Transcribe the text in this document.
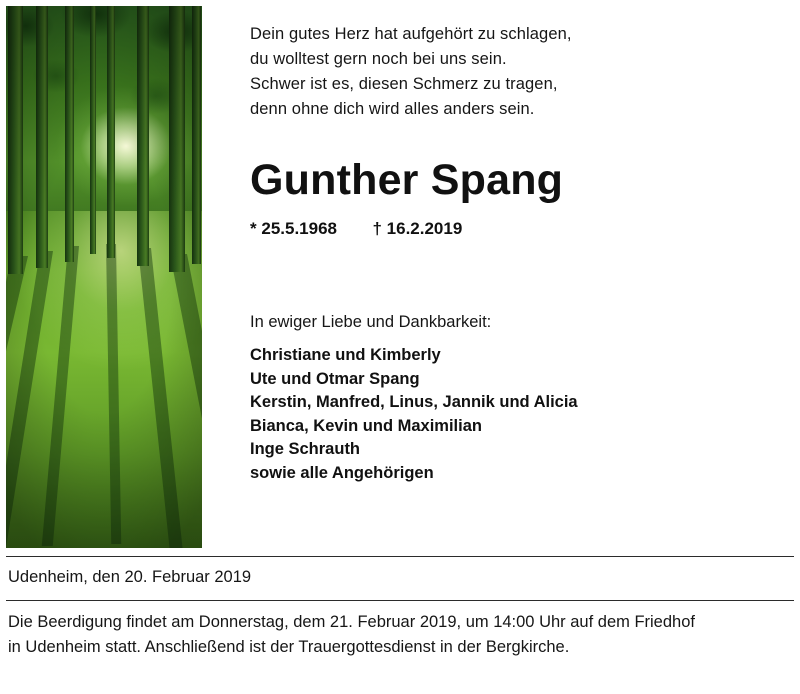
Dein gutes Herz hat aufgehört zu schlagen,
du wolltest gern noch bei uns sein.
Schwer ist es, diesen Schmerz zu tragen,
denn ohne dich wird alles anders sein.
Gunther Spang
* 25.5.1968 † 16.2.2019
In ewiger Liebe und Dankbarkeit:
Christiane und Kimberly
Ute und Otmar Spang
Kerstin, Manfred, Linus, Jannik und Alicia
Bianca, Kevin und Maximilian
Inge Schrauth
sowie alle Angehörigen
Udenheim, den 20. Februar 2019
Die Beerdigung findet am Donnerstag, dem 21. Februar 2019, um 14:00 Uhr auf dem Friedhof
in Udenheim statt. Anschließend ist der Trauergottesdienst in der Bergkirche.
